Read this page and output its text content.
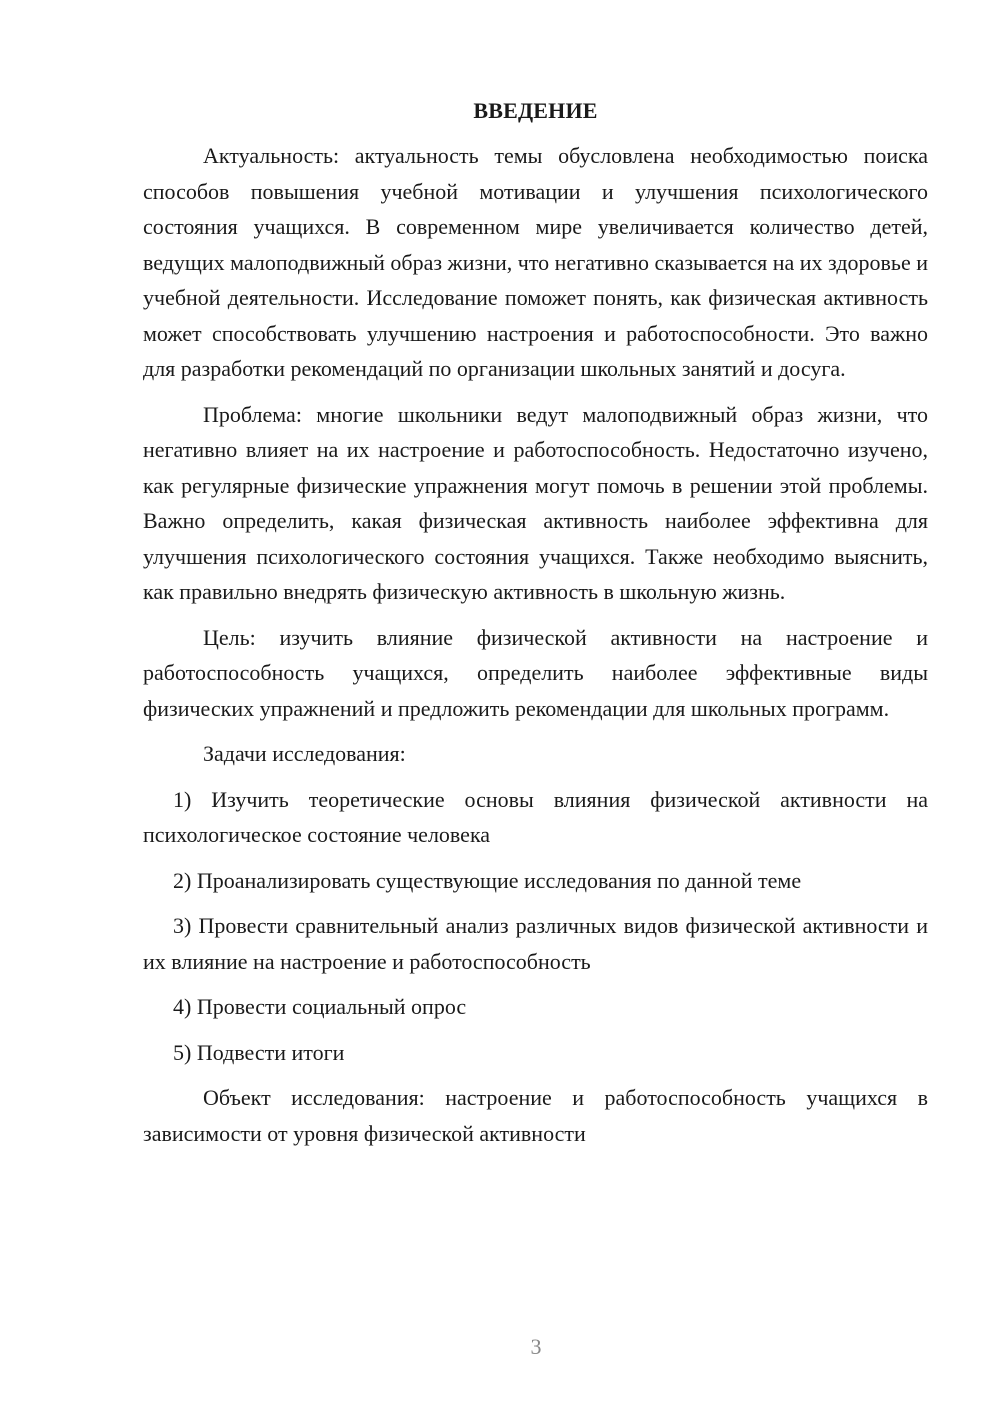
ВВЕДЕНИЕ

Актуальность: актуальность темы обусловлена необходимостью поиска способов повышения учебной мотивации и улучшения психологического состояния учащихся. В современном мире увеличивается количество детей, ведущих малоподвижный образ жизни, что негативно сказывается на их здоровье и учебной деятельности. Исследование поможет понять, как физическая активность может способствовать улучшению настроения и работоспособности. Это важно для разработки рекомендаций по организации школьных занятий и досуга.

Проблема: многие школьники ведут малоподвижный образ жизни, что негативно влияет на их настроение и работоспособность. Недостаточно изучено, как регулярные физические упражнения могут помочь в решении этой проблемы. Важно определить, какая физическая активность наиболее эффективна для улучшения психологического состояния учащихся. Также необходимо выяснить, как правильно внедрять физическую активность в школьную жизнь.

Цель: изучить влияние физической активности на настроение и работоспособность учащихся, определить наиболее эффективные виды физических упражнений и предложить рекомендации для школьных программ.

Задачи исследования:

1) Изучить теоретические основы влияния физической активности на психологическое состояние человека

2) Проанализировать существующие исследования по данной теме

3) Провести сравнительный анализ различных видов физической активности и их влияние на настроение и работоспособность

4) Провести социальный опрос

5) Подвести итоги

Объект исследования: настроение и работоспособность учащихся в зависимости от уровня физической активности

3
